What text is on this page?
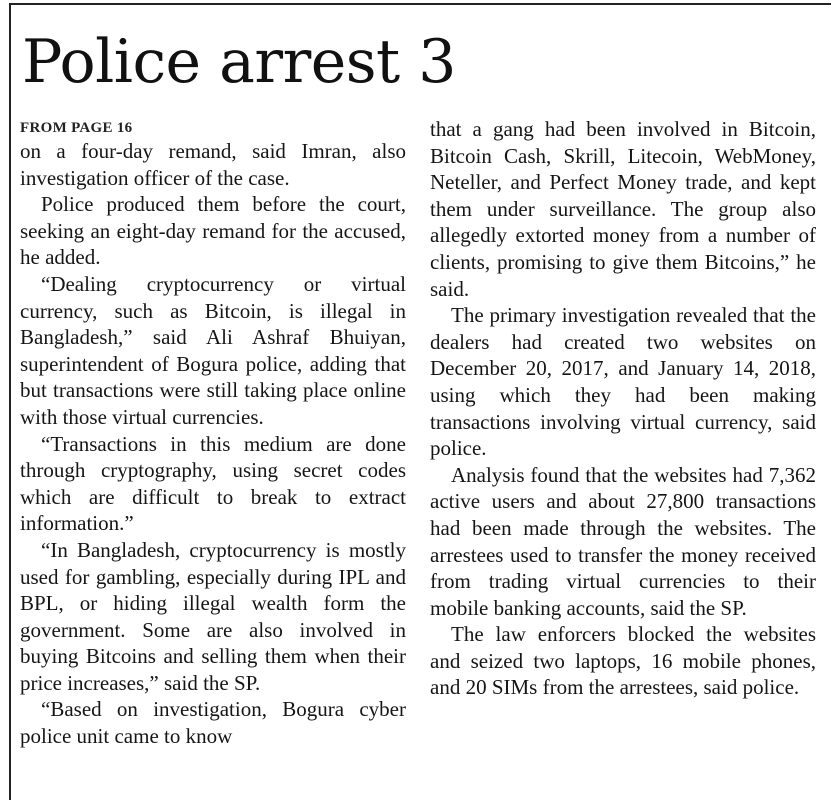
Police arrest 3
FROM PAGE 16

on a four-day remand, said Imran, also investigation officer of the case.

Police produced them before the court, seeking an eight-day remand for the accused, he added.

“Dealing cryptocurrency or virtual currency, such as Bitcoin, is illegal in Bangladesh,” said Ali Ashraf Bhuiyan, superintendent of Bogura police, adding that but transactions were still taking place online with those virtual currencies.

“Transactions in this medium are done through cryptography, using secret codes which are difficult to break to extract information.”

“In Bangladesh, cryptocurrency is mostly used for gambling, especially during IPL and BPL, or hiding illegal wealth form the government. Some are also involved in buying Bitcoins and selling them when their price increases,” said the SP.

“Based on investigation, Bogura cyber police unit came to know

that a gang had been involved in Bitcoin, Bitcoin Cash, Skrill, Litecoin, WebMoney, Neteller, and Perfect Money trade, and kept them under surveillance. The group also allegedly extorted money from a number of clients, promising to give them Bitcoins,” he said.

The primary investigation revealed that the dealers had created two websites on December 20, 2017, and January 14, 2018, using which they had been making transactions involving virtual currency, said police.

Analysis found that the websites had 7,362 active users and about 27,800 transactions had been made through the websites. The arrestees used to transfer the money received from trading virtual currencies to their mobile banking accounts, said the SP.

The law enforcers blocked the websites and seized two laptops, 16 mobile phones, and 20 SIMs from the arrestees, said police.
